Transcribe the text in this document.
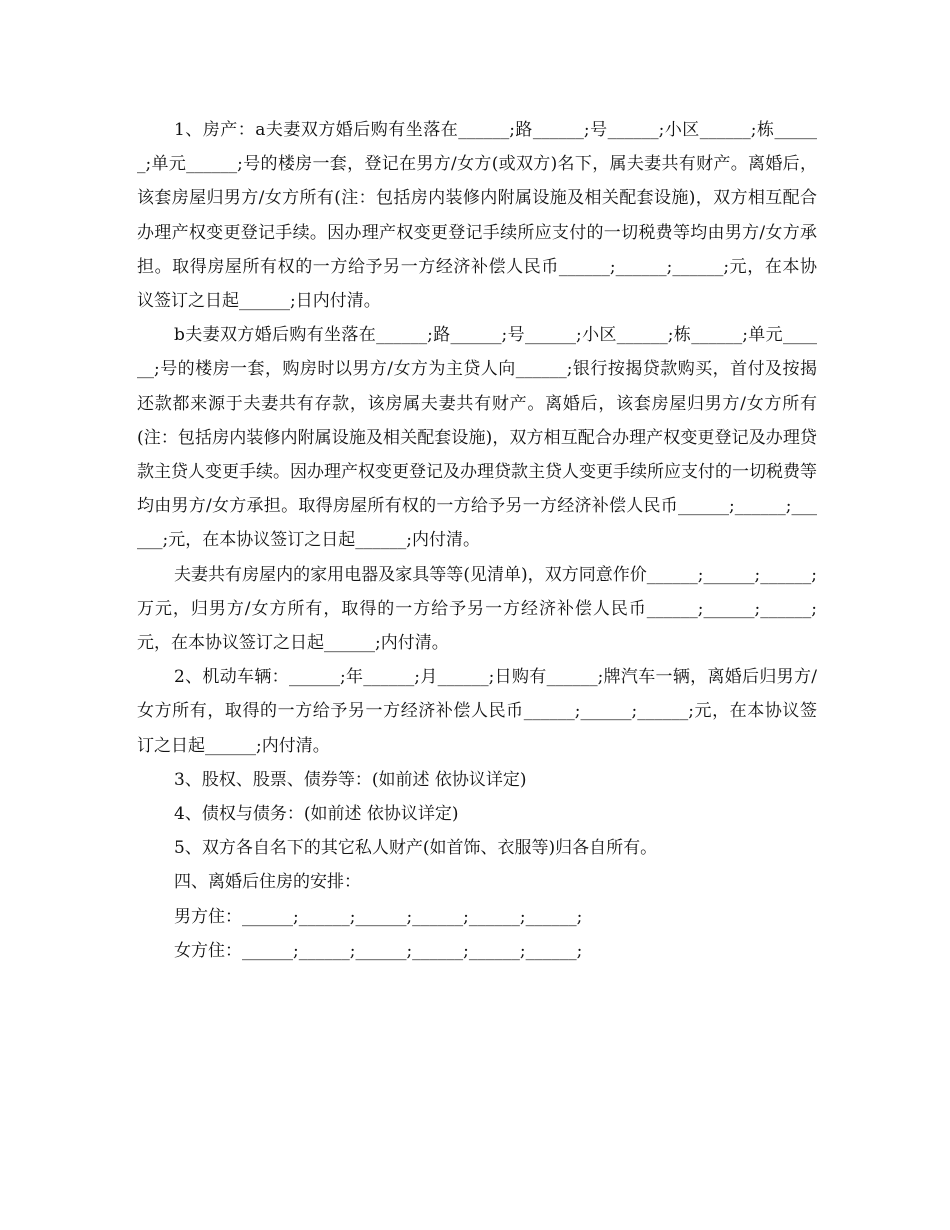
1、房产：a夫妻双方婚后购有坐落在______;路______;号______;小区______;栋______;单元______;号的楼房一套，登记在男方/女方(或双方)名下，属夫妻共有财产。离婚后，该套房屋归男方/女方所有(注：包括房内装修内附属设施及相关配套设施)，双方相互配合办理产权变更登记手续。因办理产权变更登记手续所应支付的一切税费等均由男方/女方承担。取得房屋所有权的一方给予另一方经济补偿人民币______;______;______;元，在本协议签订之日起______;日内付清。

b夫妻双方婚后购有坐落在______;路______;号______;小区______;栋______;单元______;号的楼房一套，购房时以男方/女方为主贷人向______;银行按揭贷款购买，首付及按揭还款都来源于夫妻共有存款，该房属夫妻共有财产。离婚后，该套房屋归男方/女方所有(注：包括房内装修内附属设施及相关配套设施)，双方相互配合办理产权变更登记及办理贷款主贷人变更手续。因办理产权变更登记及办理贷款主贷人变更手续所应支付的一切税费等均由男方/女方承担。取得房屋所有权的一方给予另一方经济补偿人民币______;______;______;元，在本协议签订之日起______;内付清。

夫妻共有房屋内的家用电器及家具等等(见清单)，双方同意作价______;______;______;万元，归男方/女方所有，取得的一方给予另一方经济补偿人民币______;______;______;元，在本协议签订之日起______;内付清。

2、机动车辆：______;年______;月______;日购有______;牌汽车一辆，离婚后归男方/女方所有，取得的一方给予另一方经济补偿人民币______;______;______;元，在本协议签订之日起______;内付清。

3、股权、股票、债券等：(如前述 依协议详定)

4、债权与债务：(如前述 依协议详定)

5、双方各自名下的其它私人财产(如首饰、衣服等)归各自所有。

四、离婚后住房的安排：

男方住：______;______;______;______;______;______;

女方住：______;______;______;______;______;______;
